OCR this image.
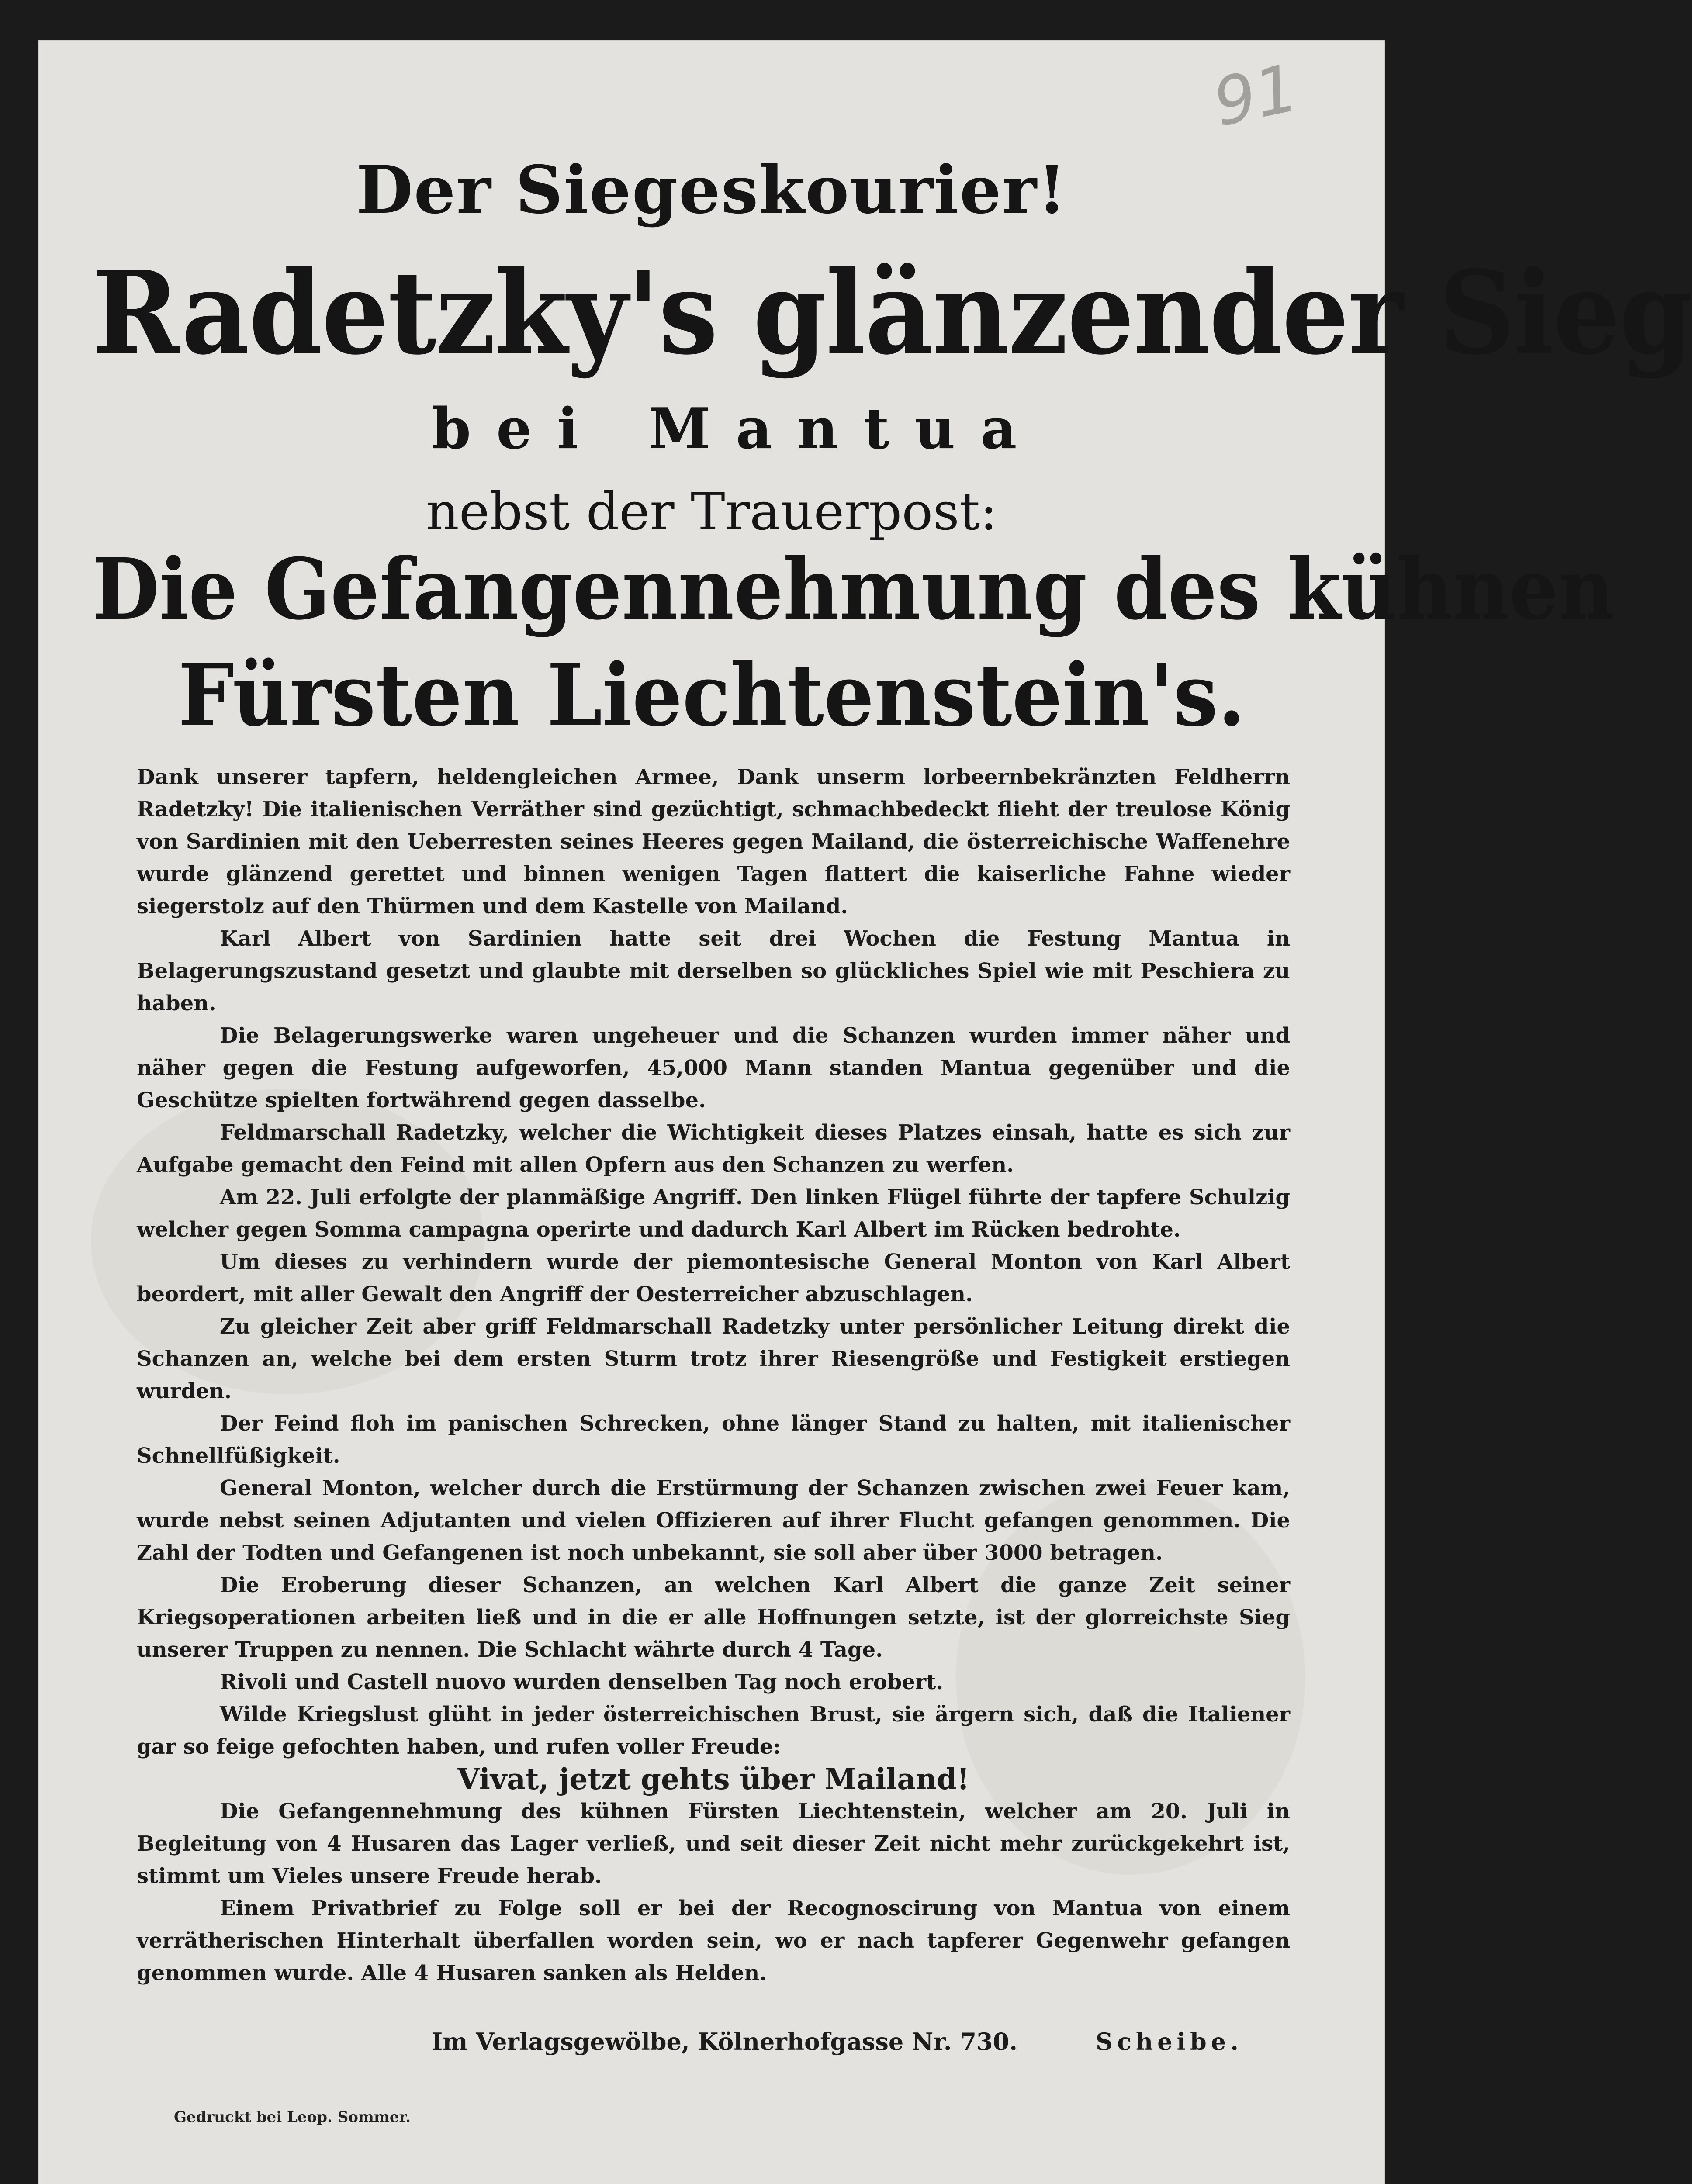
91
Der Siegeskourier!
Radetzky's glänzender Sieg
bei Mantua
nebst der Trauerpost:
Die Gefangennehmung des kühnen
Fürsten Liechtenstein's.

Dank unserer tapfern, heldengleichen Armee, Dank unserm lorbeernbekränzten Feldherrn Radetzky! Die italienischen Verräther sind gezüchtigt, schmachbedeckt flieht der treulose König von Sardinien mit den Ueberresten seines Heeres gegen Mailand, die österreichische Waffenehre wurde glänzend gerettet und binnen wenigen Tagen flattert die kaiserliche Fahne wieder siegerstolz auf den Thürmen und dem Kastelle von Mailand.

Karl Albert von Sardinien hatte seit drei Wochen die Festung Mantua in Belagerungszustand gesetzt und glaubte mit derselben so glückliches Spiel wie mit Peschiera zu haben.

Die Belagerungswerke waren ungeheuer und die Schanzen wurden immer näher und näher gegen die Festung aufgeworfen, 45,000 Mann standen Mantua gegenüber und die Geschütze spielten fortwährend gegen dasselbe.

Feldmarschall Radetzky, welcher die Wichtigkeit dieses Platzes einsah, hatte es sich zur Aufgabe gemacht den Feind mit allen Opfern aus den Schanzen zu werfen.

Am 22. Juli erfolgte der planmäßige Angriff. Den linken Flügel führte der tapfere Schulzig welcher gegen Somma campagna operirte und dadurch Karl Albert im Rücken bedrohte.

Um dieses zu verhindern wurde der piemontesische General Monton von Karl Albert beordert, mit aller Gewalt den Angriff der Oesterreicher abzuschlagen.

Zu gleicher Zeit aber griff Feldmarschall Radetzky unter persönlicher Leitung direkt die Schanzen an, welche bei dem ersten Sturm trotz ihrer Riesengröße und Festigkeit erstiegen wurden.

Der Feind floh im panischen Schrecken, ohne länger Stand zu halten, mit italienischer Schnellfüßigkeit.

General Monton, welcher durch die Erstürmung der Schanzen zwischen zwei Feuer kam, wurde nebst seinen Adjutanten und vielen Offizieren auf ihrer Flucht gefangen genommen. Die Zahl der Todten und Gefangenen ist noch unbekannt, sie soll aber über 3000 betragen.

Die Eroberung dieser Schanzen, an welchen Karl Albert die ganze Zeit seiner Kriegsoperationen arbeiten ließ und in die er alle Hoffnungen setzte, ist der glorreichste Sieg unserer Truppen zu nennen. Die Schlacht währte durch 4 Tage.

Rivoli und Castell nuovo wurden denselben Tag noch erobert.

Wilde Kriegslust glüht in jeder österreichischen Brust, sie ärgern sich, daß die Italiener gar so feige gefochten haben, und rufen voller Freude:

Vivat, jetzt gehts über Mailand!

Die Gefangennehmung des kühnen Fürsten Liechtenstein, welcher am 20. Juli in Begleitung von 4 Husaren das Lager verließ, und seit dieser Zeit nicht mehr zurückgekehrt ist, stimmt um Vieles unsere Freude herab.

Einem Privatbrief zu Folge soll er bei der Recognoscirung von Mantua von einem verrätherischen Hinterhalt überfallen worden sein, wo er nach tapferer Gegenwehr gefangen genommen wurde. Alle 4 Husaren sanken als Helden.

Im Verlagsgewölbe, Kölnerhofgasse Nr. 730.	Scheibe.
Gedruckt bei Leop. Sommer.
